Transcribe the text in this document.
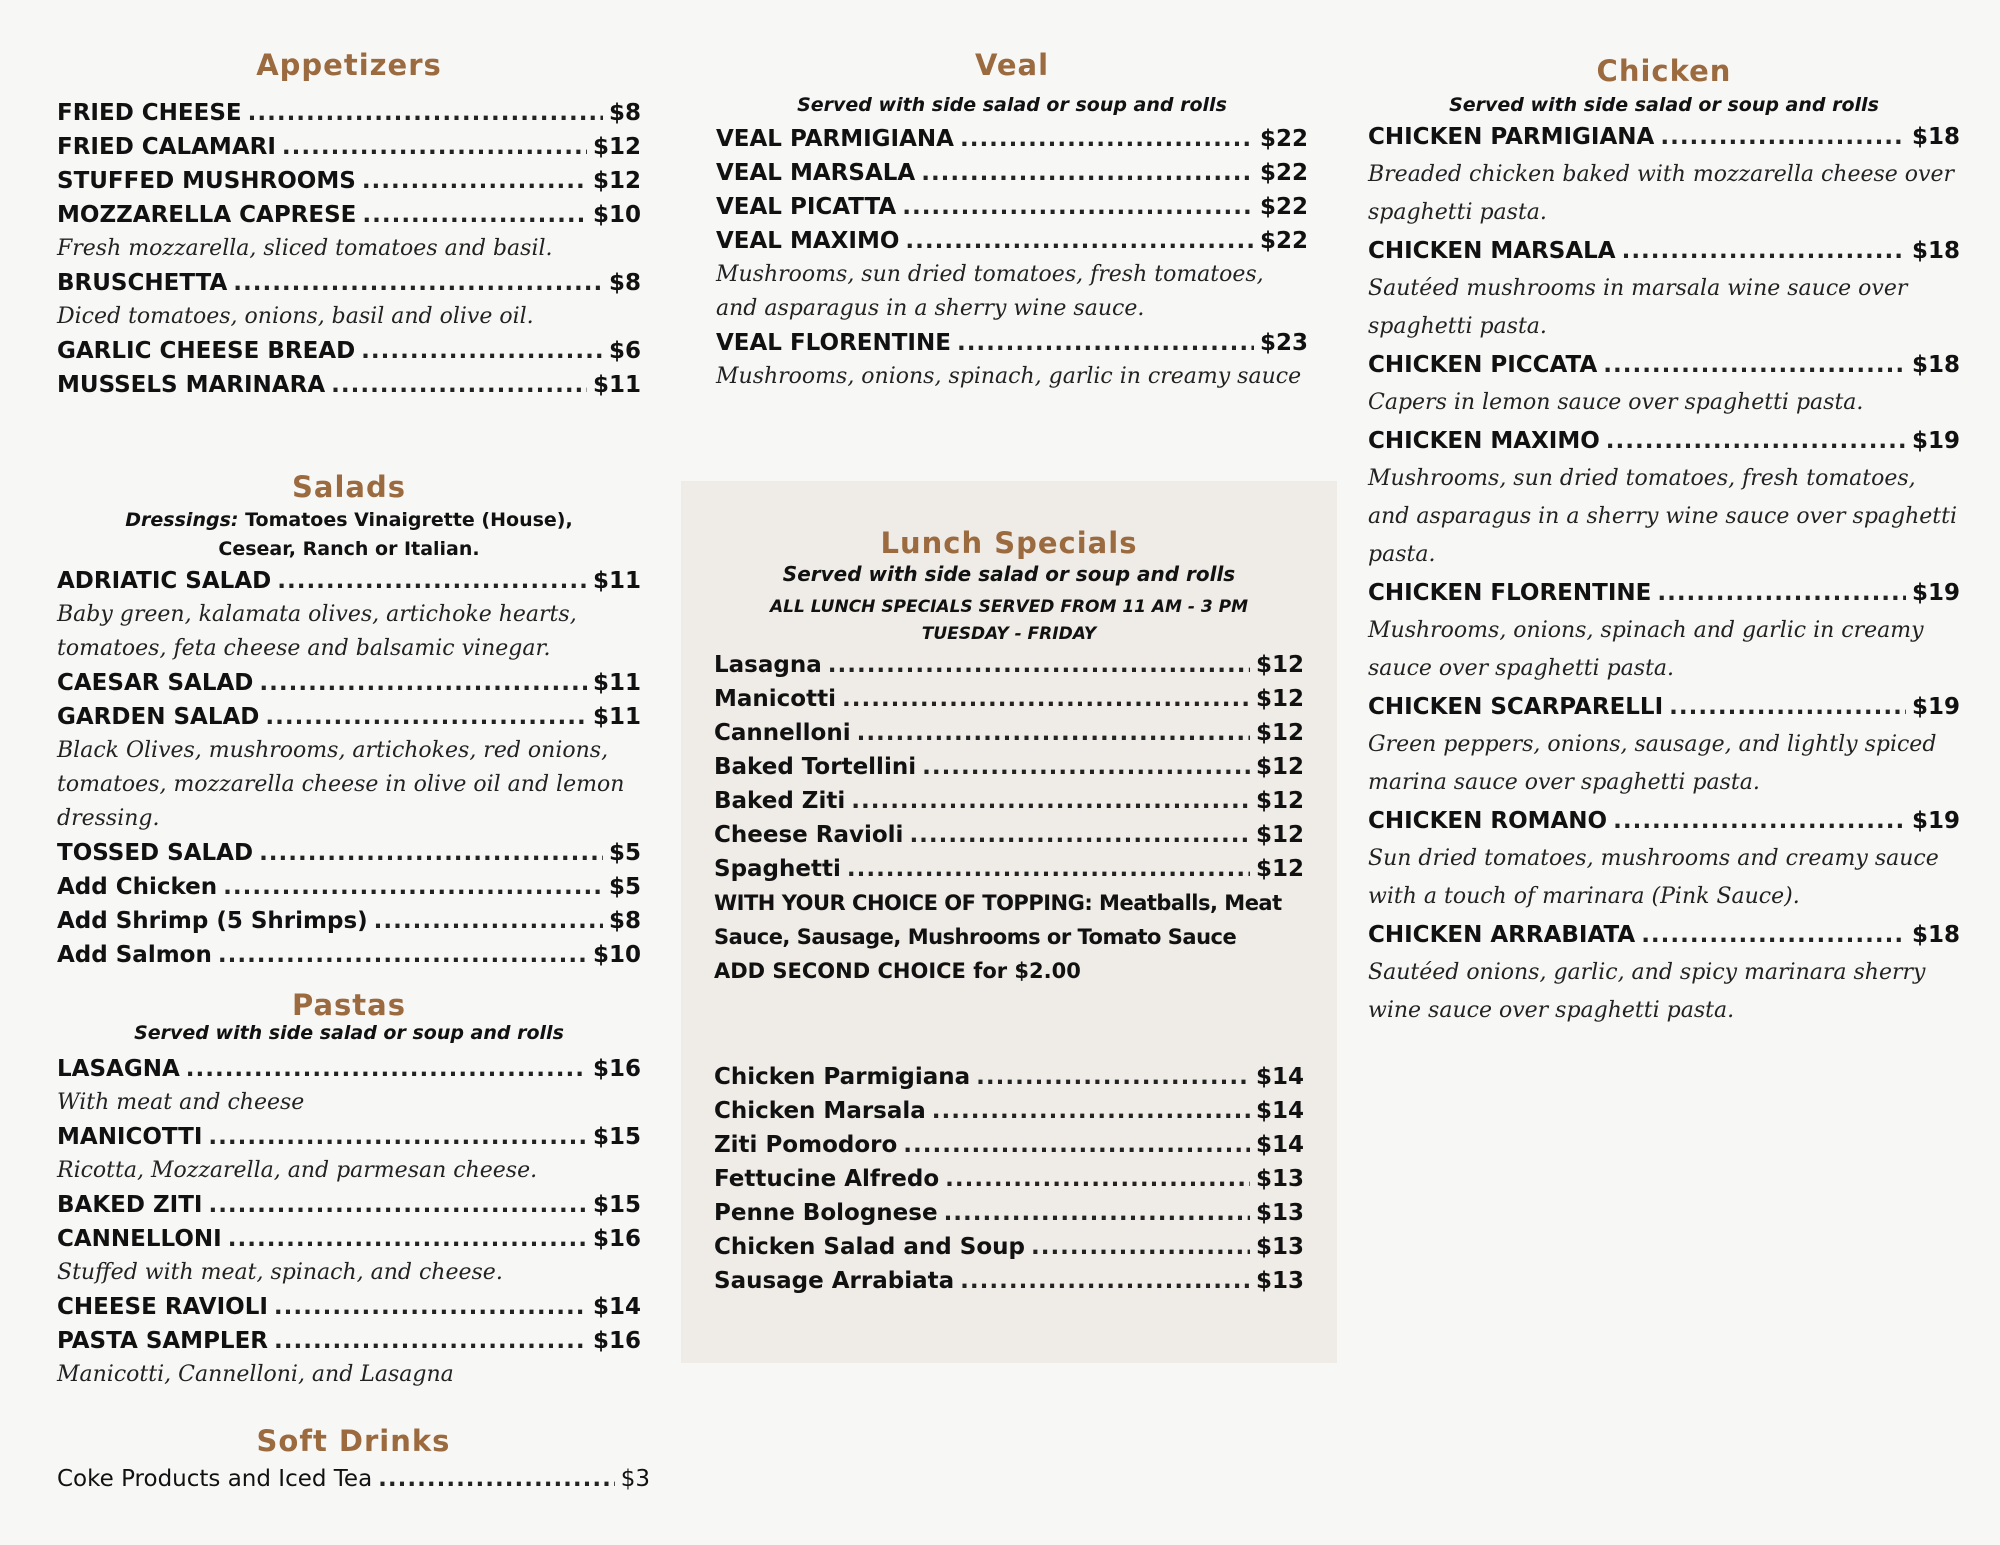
Appetizers
FRIED CHEESE .....	$8
FRIED CALAMARI .....	$12
STUFFED MUSHROOMS .....	$12
MOZZARELLA CAPRESE .....	$10
Fresh mozzarella, sliced tomatoes and basil.
BRUSCHETTA .....	$8
Diced tomatoes, onions, basil and olive oil.
GARLIC CHEESE BREAD .....	$6
MUSSELS MARINARA .....	$11
Salads
Dressings: Tomatoes Vinaigrette (House),
Cesear, Ranch or Italian.
ADRIATIC SALAD .....	$11
Baby green, kalamata olives, artichoke hearts, tomatoes, feta cheese and balsamic vinegar.
CAESAR SALAD .....	$11
GARDEN SALAD .....	$11
Black Olives, mushrooms, artichokes, red onions, tomatoes, mozzarella cheese in olive oil and lemon dressing.
TOSSED SALAD .....	$5
Add Chicken .....	$5
Add Shrimp (5 Shrimps) .....	$8
Add Salmon .....	$10
Pastas

Served with side salad or soup and rolls

LASAGNA .....	$16
With meat and cheese
MANICOTTI .....	$15
Ricotta, Mozzarella, and parmesan cheese.
BAKED ZITI .....	$15
CANNELLONI .....	$16
Stuffed with meat, spinach, and cheese.
CHEESE RAVIOLI .....	$14
PASTA SAMPLER .....	$16
Manicotti, Cannelloni, and Lasagna
Soft Drinks
Coke Products and Iced Tea .....	$3
Veal

Served with side salad or soup and rolls

VEAL PARMIGIANA .....	$22
VEAL MARSALA .....	$22
VEAL PICATTA .....	$22
VEAL MAXIMO .....	$22
Mushrooms, sun dried tomatoes, fresh tomatoes, and asparagus in a sherry wine sauce.
VEAL FLORENTINE .....	$23
Mushrooms, onions, spinach, garlic in creamy sauce
Lunch Specials

Served with side salad or soup and rolls

ALL LUNCH SPECIALS SERVED FROM 11 AM - 3 PM
TUESDAY - FRIDAY
Lasagna .....	$12
Manicotti .....	$12
Cannelloni .....	$12
Baked Tortellini .....	$12
Baked Ziti .....	$12
Cheese Ravioli .....	$12
Spaghetti .....	$12
WITH YOUR CHOICE OF TOPPING: Meatballs, Meat Sauce, Sausage, Mushrooms or Tomato Sauce
ADD SECOND CHOICE for $2.00
Chicken Parmigiana .....	$14
Chicken Marsala .....	$14
Ziti Pomodoro .....	$14
Fettucine Alfredo .....	$13
Penne Bolognese .....	$13
Chicken Salad and Soup .....	$13
Sausage Arrabiata .....	$13
Chicken

Served with side salad or soup and rolls

CHICKEN PARMIGIANA .....	$18
Breaded chicken baked with mozzarella cheese over spaghetti pasta.
CHICKEN MARSALA .....	$18
Sautéed mushrooms in marsala wine sauce over spaghetti pasta.
CHICKEN PICCATA .....	$18
Capers in lemon sauce over spaghetti pasta.
CHICKEN MAXIMO .....	$19
Mushrooms, sun dried tomatoes, fresh tomatoes, and asparagus in a sherry wine sauce over spaghetti pasta.
CHICKEN FLORENTINE .....	$19
Mushrooms, onions, spinach and garlic in creamy sauce over spaghetti pasta.
CHICKEN SCARPARELLI .....	$19
Green peppers, onions, sausage, and lightly spiced marina sauce over spaghetti pasta.
CHICKEN ROMANO .....	$19
Sun dried tomatoes, mushrooms and creamy sauce with a touch of marinara (Pink Sauce).
CHICKEN ARRABIATA .....	$18
Sautéed onions, garlic, and spicy marinara sherry wine sauce over spaghetti pasta.
